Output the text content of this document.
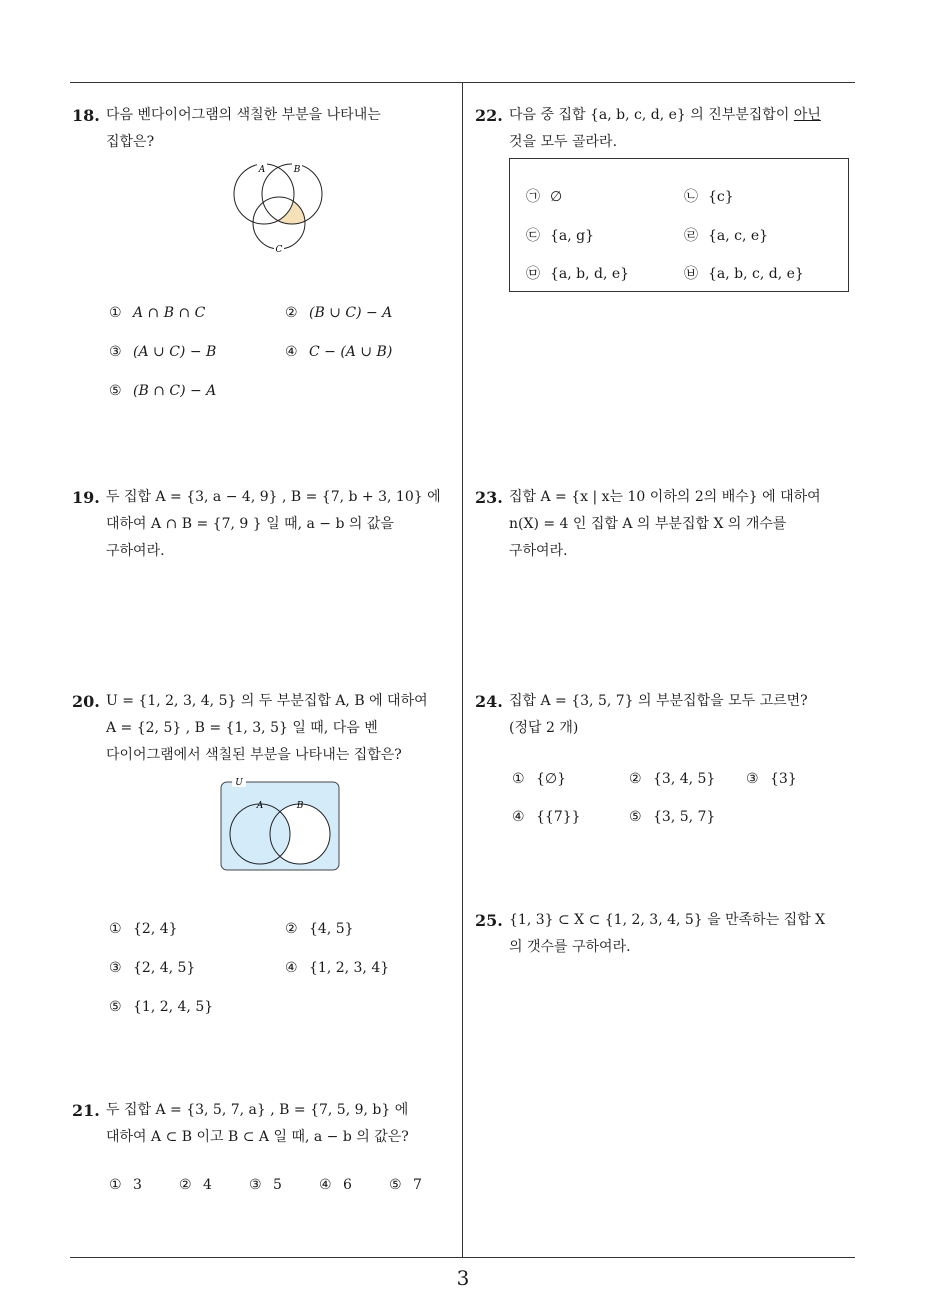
18. 다음 벤다이어그램의 색칠한 부분을 나타내는
집합은?
A	B
C
① A ∩ B ∩ C	② (B ∪ C) − A
③ (A ∪ C) − B	④ C − (A ∪ B)
⑤ (B ∩ C) − A
19. 두 집합 A = {3, a − 4, 9} , B = {7, b + 3, 10} 에
대하여 A ∩ B = {7, 9 } 일 때, a − b 의 값을
구하여라.
20. U = {1, 2, 3, 4, 5} 의 두 부분집합 A, B 에 대하여
A = {2, 5} , B = {1, 3, 5} 일 때, 다음 벤
다이어그램에서 색칠된 부분을 나타내는 집합은?
U
A	B
① {2, 4}	② {4, 5}
③ {2, 4, 5}	④ {1, 2, 3, 4}
⑤ {1, 2, 4, 5}
21. 두 집합 A = {3, 5, 7, a} , B = {7, 5, 9, b} 에
대하여 A ⊂ B 이고 B ⊂ A 일 때, a − b 의 값은?
① 3	② 4	③ 5	④ 6	⑤ 7
22. 다음 중 집합 {a, b, c, d, e} 의 진부분집합이 아닌
것을 모두 골라라.
㉠ ∅	㉡ {c}
㉢ {a, g}	㉣ {a, c, e}
㉤ {a, b, d, e}	㉥ {a, b, c, d, e}
23. 집합 A = {x | x는 10 이하의 2의 배수} 에 대하여
n(X) = 4 인 집합 A 의 부분집합 X 의 개수를
구하여라.
24. 집합 A = {3, 5, 7} 의 부분집합을 모두 고르면?
(정답 2 개)
① {∅}	② {3, 4, 5} ③ {3}
④ {{7}}	⑤ {3, 5, 7}
25. {1, 3} ⊂ X ⊂ {1, 2, 3, 4, 5} 을 만족하는 집합 X
의 갯수를 구하여라.
3
